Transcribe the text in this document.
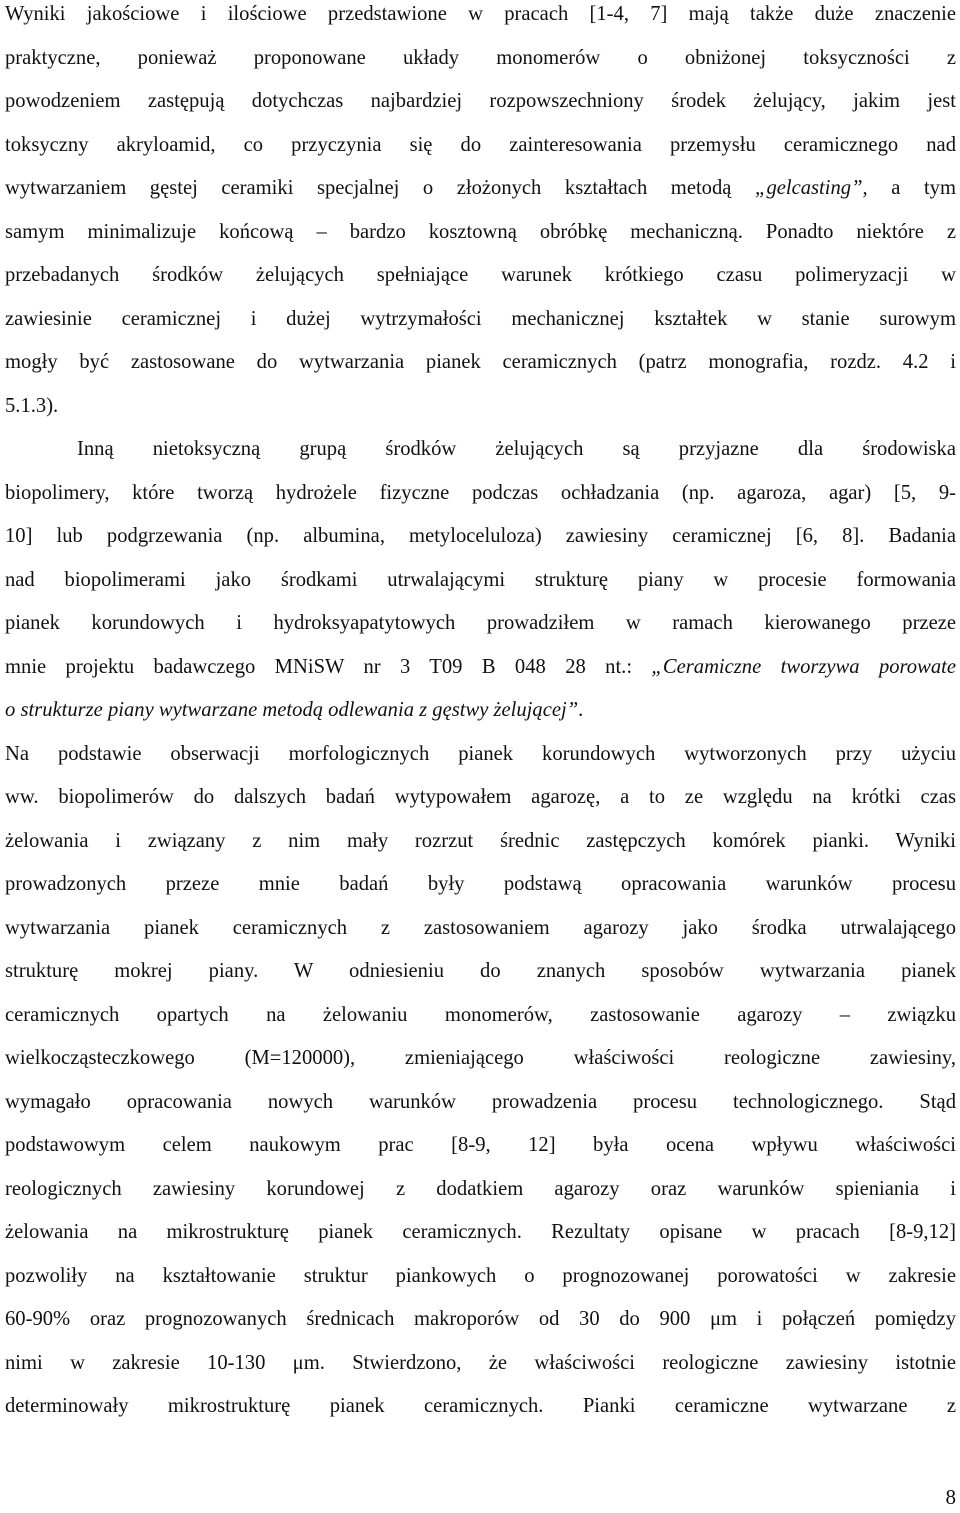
Wyniki jakościowe i ilościowe przedstawione w pracach [1-4, 7] mają także duże znaczenie
praktyczne, ponieważ proponowane układy monomerów o obniżonej toksyczności z
powodzeniem zastępują dotychczas najbardziej rozpowszechniony środek żelujący, jakim jest
toksyczny akryloamid, co przyczynia się do zainteresowania przemysłu ceramicznego nad
wytwarzaniem gęstej ceramiki specjalnej o złożonych kształtach metodą „gelcasting”, a tym
samym minimalizuje końcową – bardzo kosztowną obróbkę mechaniczną. Ponadto niektóre z
przebadanych środków żelujących spełniające warunek krótkiego czasu polimeryzacji w
zawiesinie ceramicznej i dużej wytrzymałości mechanicznej kształtek w stanie surowym
mogły być zastosowane do wytwarzania pianek ceramicznych (patrz monografia, rozdz. 4.2 i
5.1.3).
Inną nietoksyczną grupą środków żelujących są przyjazne dla środowiska
biopolimery, które tworzą hydrożele fizyczne podczas ochładzania (np. agaroza, agar) [5, 9-
10] lub podgrzewania (np. albumina, metyloceluloza) zawiesiny ceramicznej [6, 8]. Badania
nad biopolimerami jako środkami utrwalającymi strukturę piany w procesie formowania
pianek korundowych i hydroksyapatytowych prowadziłem w ramach kierowanego przeze
mnie projektu badawczego MNiSW nr 3 T09 B 048 28 nt.: „Ceramiczne tworzywa porowate
o strukturze piany wytwarzane metodą odlewania z gęstwy żelującej”.
Na podstawie obserwacji morfologicznych pianek korundowych wytworzonych przy użyciu
ww. biopolimerów do dalszych badań wytypowałem agarozę, a to ze względu na krótki czas
żelowania i związany z nim mały rozrzut średnic zastępczych komórek pianki. Wyniki
prowadzonych przeze mnie badań były podstawą opracowania warunków procesu
wytwarzania pianek ceramicznych z zastosowaniem agarozy jako środka utrwalającego
strukturę mokrej piany. W odniesieniu do znanych sposobów wytwarzania pianek
ceramicznych opartych na żelowaniu monomerów, zastosowanie agarozy – związku
wielkocząsteczkowego (M=120000), zmieniającego właściwości reologiczne zawiesiny,
wymagało opracowania nowych warunków prowadzenia procesu technologicznego. Stąd
podstawowym celem naukowym prac [8-9, 12] była ocena wpływu właściwości
reologicznych zawiesiny korundowej z dodatkiem agarozy oraz warunków spieniania i
żelowania na mikrostrukturę pianek ceramicznych. Rezultaty opisane w pracach [8-9,12]
pozwoliły na kształtowanie struktur piankowych o prognozowanej porowatości w zakresie
60-90% oraz prognozowanych średnicach makroporów od 30 do 900 μm i połączeń pomiędzy
nimi w zakresie 10-130 μm. Stwierdzono, że właściwości reologiczne zawiesiny istotnie
determinowały mikrostrukturę pianek ceramicznych. Pianki ceramiczne wytwarzane z
8
